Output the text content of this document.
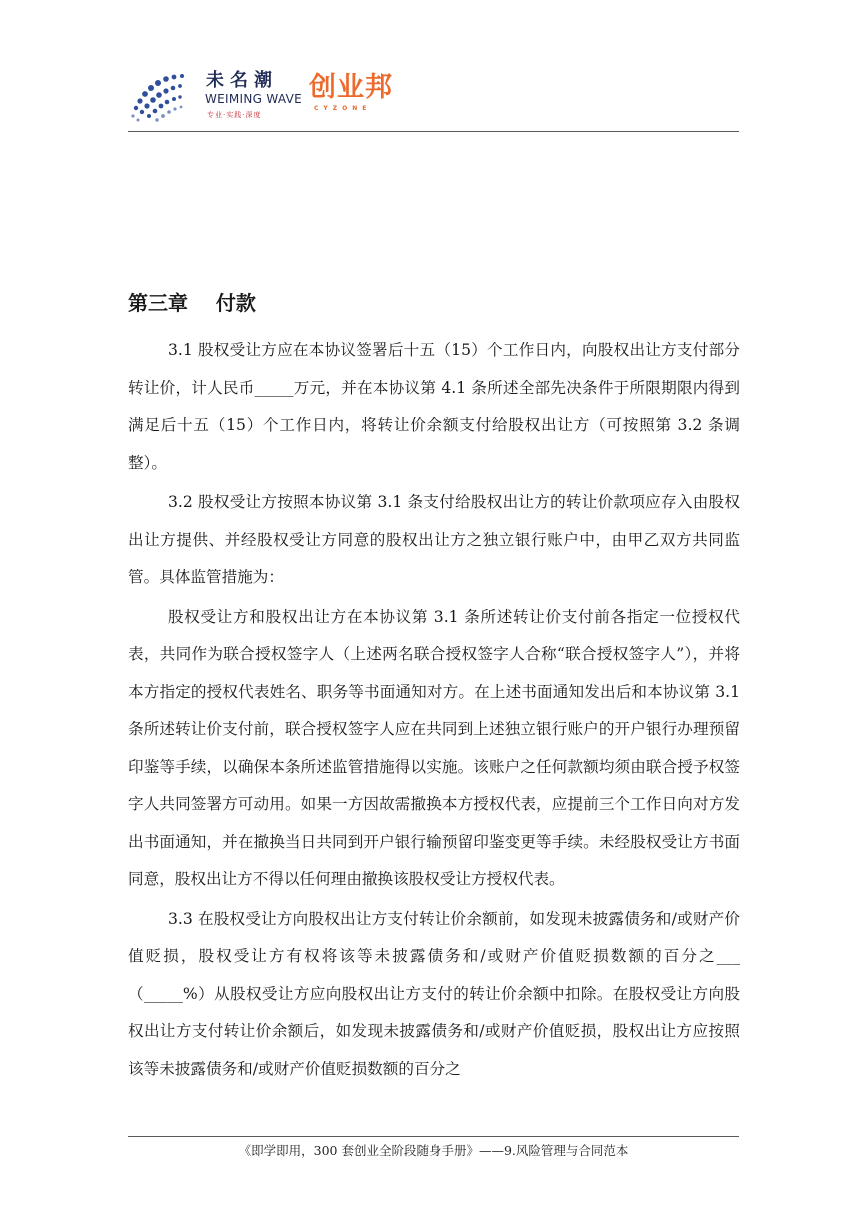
未名潮
WEIMING WAVE
专业·实践·深度
创业邦
CYZONE
第三章    付款

3.1 股权受让方应在本协议签署后十五（15）个工作日内，向股权出让方支付部分转让价，计人民币_____万元，并在本协议第 4.1 条所述全部先决条件于所限期限内得到满足后十五（15）个工作日内，将转让价余额支付给股权出让方（可按照第 3.2 条调整）。

3.2 股权受让方按照本协议第 3.1 条支付给股权出让方的转让价款项应存入由股权出让方提供、并经股权受让方同意的股权出让方之独立银行账户中，由甲乙双方共同监管。具体监管措施为：

股权受让方和股权出让方在本协议第 3.1 条所述转让价支付前各指定一位授权代表，共同作为联合授权签字人（上述两名联合授权签字人合称“联合授权签字人”），并将本方指定的授权代表姓名、职务等书面通知对方。在上述书面通知发出后和本协议第 3.1 条所述转让价支付前，联合授权签字人应在共同到上述独立银行账户的开户银行办理预留印鉴等手续，以确保本条所述监管措施得以实施。该账户之任何款额均须由联合授予权签字人共同签署方可动用。如果一方因故需撤换本方授权代表，应提前三个工作日向对方发出书面通知，并在撤换当日共同到开户银行输预留印鉴变更等手续。未经股权受让方书面同意，股权出让方不得以任何理由撤换该股权受让方授权代表。

3.3 在股权受让方向股权出让方支付转让价余额前，如发现未披露债务和/或财产价值贬损，股权受让方有权将该等未披露债务和/或财产价值贬损数额的百分之___（_____%）从股权受让方应向股权出让方支付的转让价余额中扣除。在股权受让方向股权出让方支付转让价余额后，如发现未披露债务和/或财产价值贬损，股权出让方应按照该等未披露债务和/或财产价值贬损数额的百分之

《即学即用，300 套创业全阶段随身手册》——9.风险管理与合同范本
